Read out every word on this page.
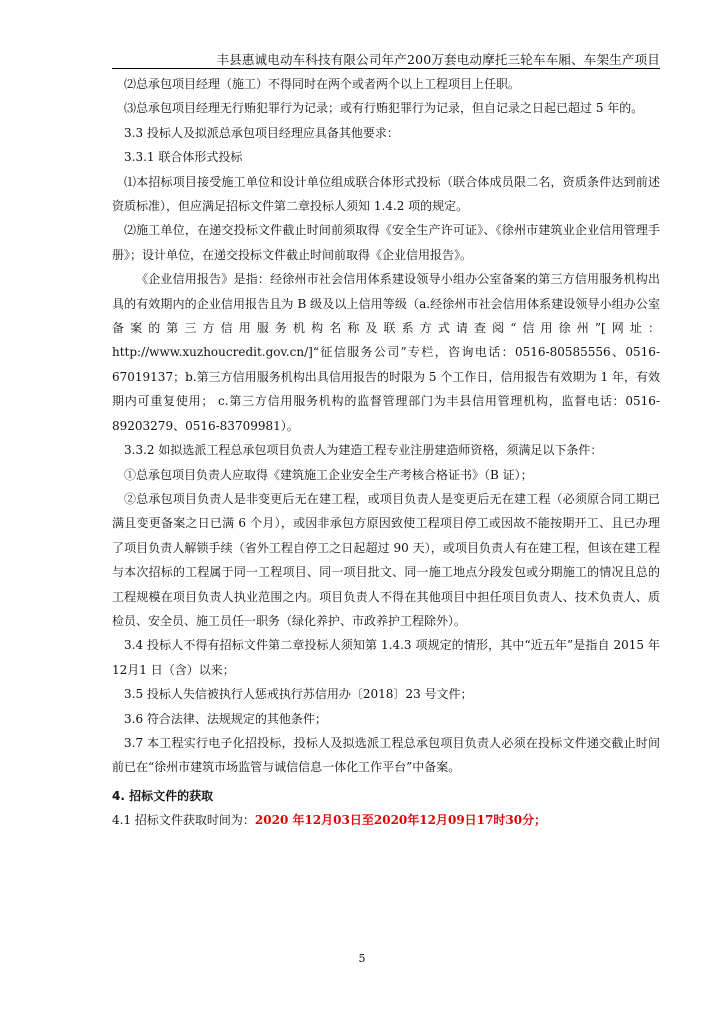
丰县惠诚电动车科技有限公司年产200万套电动摩托三轮车车厢、车架生产项目

⑵总承包项目经理（施工）不得同时在两个或者两个以上工程项目上任职。

⑶总承包项目经理无行贿犯罪行为记录；或有行贿犯罪行为记录，但自记录之日起已超过 5 年的。

3.3 投标人及拟派总承包项目经理应具备其他要求：

3.3.1 联合体形式投标

⑴本招标项目接受施工单位和设计单位组成联合体形式投标（联合体成员限二名，资质条件达到前述资质标准），但应满足招标文件第二章投标人须知 1.4.2 项的规定。

⑵施工单位，在递交投标文件截止时间前须取得《安全生产许可证》、《徐州市建筑业企业信用管理手册》；设计单位，在递交投标文件截止时间前取得《企业信用报告》。

《企业信用报告》是指：经徐州市社会信用体系建设领导小组办公室备案的第三方信用服务机构出具的有效期内的企业信用报告且为 B 级及以上信用等级（a.经徐州市社会信用体系建设领导小组办公室备案的第三方信用服务机构名称及联系方式请查阅“信用徐州”[网址：http://www.xuzhoucredit.gov.cn/]“征信服务公司”专栏，咨询电话：0516-80585556、0516-67019137；b.第三方信用服务机构出具信用报告的时限为 5 个工作日，信用报告有效期为 1 年，有效期内可重复使用； c.第三方信用服务机构的监督管理部门为丰县信用管理机构，监督电话：0516-89203279、0516-83709981）。

3.3.2 如拟选派工程总承包项目负责人为建造工程专业注册建造师资格，须满足以下条件：

①总承包项目负责人应取得《建筑施工企业安全生产考核合格证书》（B 证）；

②总承包项目负责人是非变更后无在建工程，或项目负责人是变更后无在建工程（必须原合同工期已满且变更备案之日已满 6 个月），或因非承包方原因致使工程项目停工或因故不能按期开工、且已办理了项目负责人解锁手续（省外工程自停工之日起超过 90 天），或项目负责人有在建工程，但该在建工程与本次招标的工程属于同一工程项目、同一项目批文、同一施工地点分段发包或分期施工的情况且总的工程规模在项目负责人执业范围之内。项目负责人不得在其他项目中担任项目负责人、技术负责人、质检员、安全员、施工员任一职务（绿化养护、市政养护工程除外）。

3.4 投标人不得有招标文件第二章投标人须知第 1.4.3 项规定的情形，其中“近五年”是指自 2015 年12月1 日（含）以来；

3.5 投标人失信被执行人惩戒执行苏信用办〔2018〕23 号文件；

3.6 符合法律、法规规定的其他条件；

3.7 本工程实行电子化招投标，投标人及拟选派工程总承包项目负责人必须在投标文件递交截止时间前已在“徐州市建筑市场监管与诚信信息一体化工作平台”中备案。

4. 招标文件的获取

4.1 招标文件获取时间为：2020 年12月03日至2020年12月09日17时30分；

5
